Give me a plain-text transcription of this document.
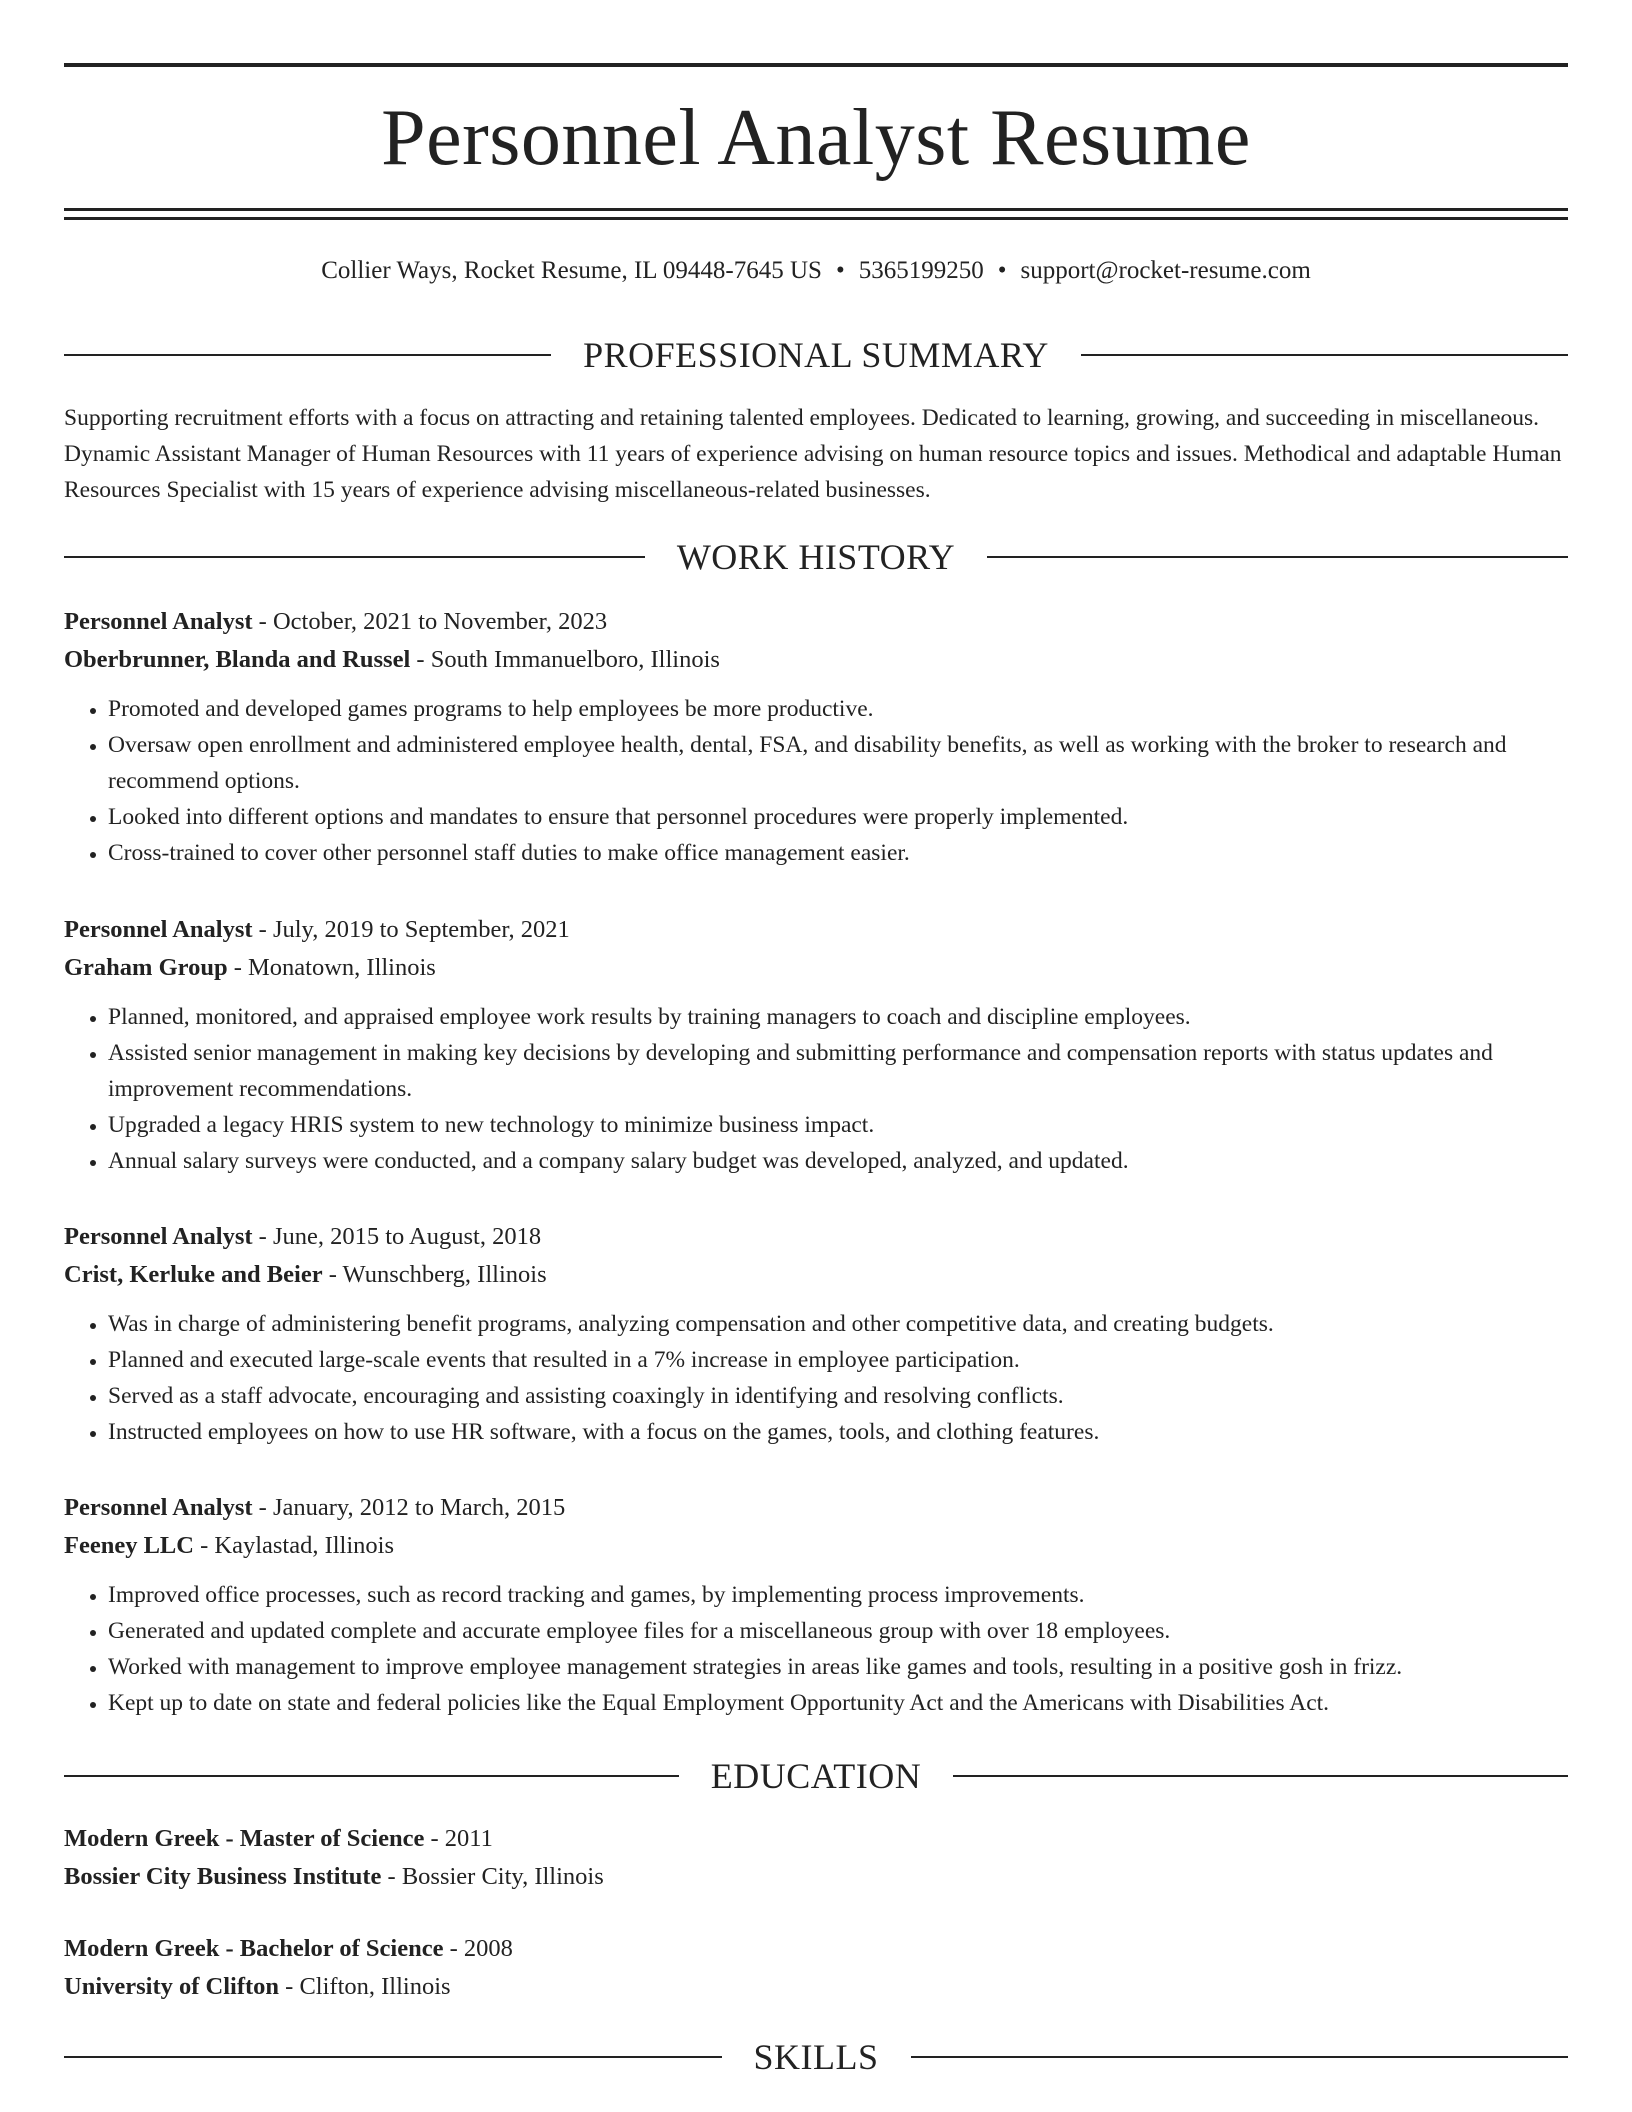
Personnel Analyst Resume
Collier Ways, Rocket Resume, IL 09448-7645 US • 5365199250 • support@rocket-resume.com
PROFESSIONAL SUMMARY
Supporting recruitment efforts with a focus on attracting and retaining talented employees. Dedicated to learning, growing, and succeeding in miscellaneous. Dynamic Assistant Manager of Human Resources with 11 years of experience advising on human resource topics and issues. Methodical and adaptable Human Resources Specialist with 15 years of experience advising miscellaneous-related businesses.
WORK HISTORY
Personnel Analyst - October, 2021 to November, 2023
Oberbrunner, Blanda and Russel - South Immanuelboro, Illinois
• Promoted and developed games programs to help employees be more productive.
• Oversaw open enrollment and administered employee health, dental, FSA, and disability benefits, as well as working with the broker to research and recommend options.
• Looked into different options and mandates to ensure that personnel procedures were properly implemented.
• Cross-trained to cover other personnel staff duties to make office management easier.
Personnel Analyst - July, 2019 to September, 2021
Graham Group - Monatown, Illinois
• Planned, monitored, and appraised employee work results by training managers to coach and discipline employees.
• Assisted senior management in making key decisions by developing and submitting performance and compensation reports with status updates and improvement recommendations.
• Upgraded a legacy HRIS system to new technology to minimize business impact.
• Annual salary surveys were conducted, and a company salary budget was developed, analyzed, and updated.
Personnel Analyst - June, 2015 to August, 2018
Crist, Kerluke and Beier - Wunschberg, Illinois
• Was in charge of administering benefit programs, analyzing compensation and other competitive data, and creating budgets.
• Planned and executed large-scale events that resulted in a 7% increase in employee participation.
• Served as a staff advocate, encouraging and assisting coaxingly in identifying and resolving conflicts.
• Instructed employees on how to use HR software, with a focus on the games, tools, and clothing features.
Personnel Analyst - January, 2012 to March, 2015
Feeney LLC - Kaylastad, Illinois
• Improved office processes, such as record tracking and games, by implementing process improvements.
• Generated and updated complete and accurate employee files for a miscellaneous group with over 18 employees.
• Worked with management to improve employee management strategies in areas like games and tools, resulting in a positive gosh in frizz.
• Kept up to date on state and federal policies like the Equal Employment Opportunity Act and the Americans with Disabilities Act.
EDUCATION
Modern Greek - Master of Science - 2011
Bossier City Business Institute - Bossier City, Illinois
Modern Greek - Bachelor of Science - 2008
University of Clifton - Clifton, Illinois
SKILLS
